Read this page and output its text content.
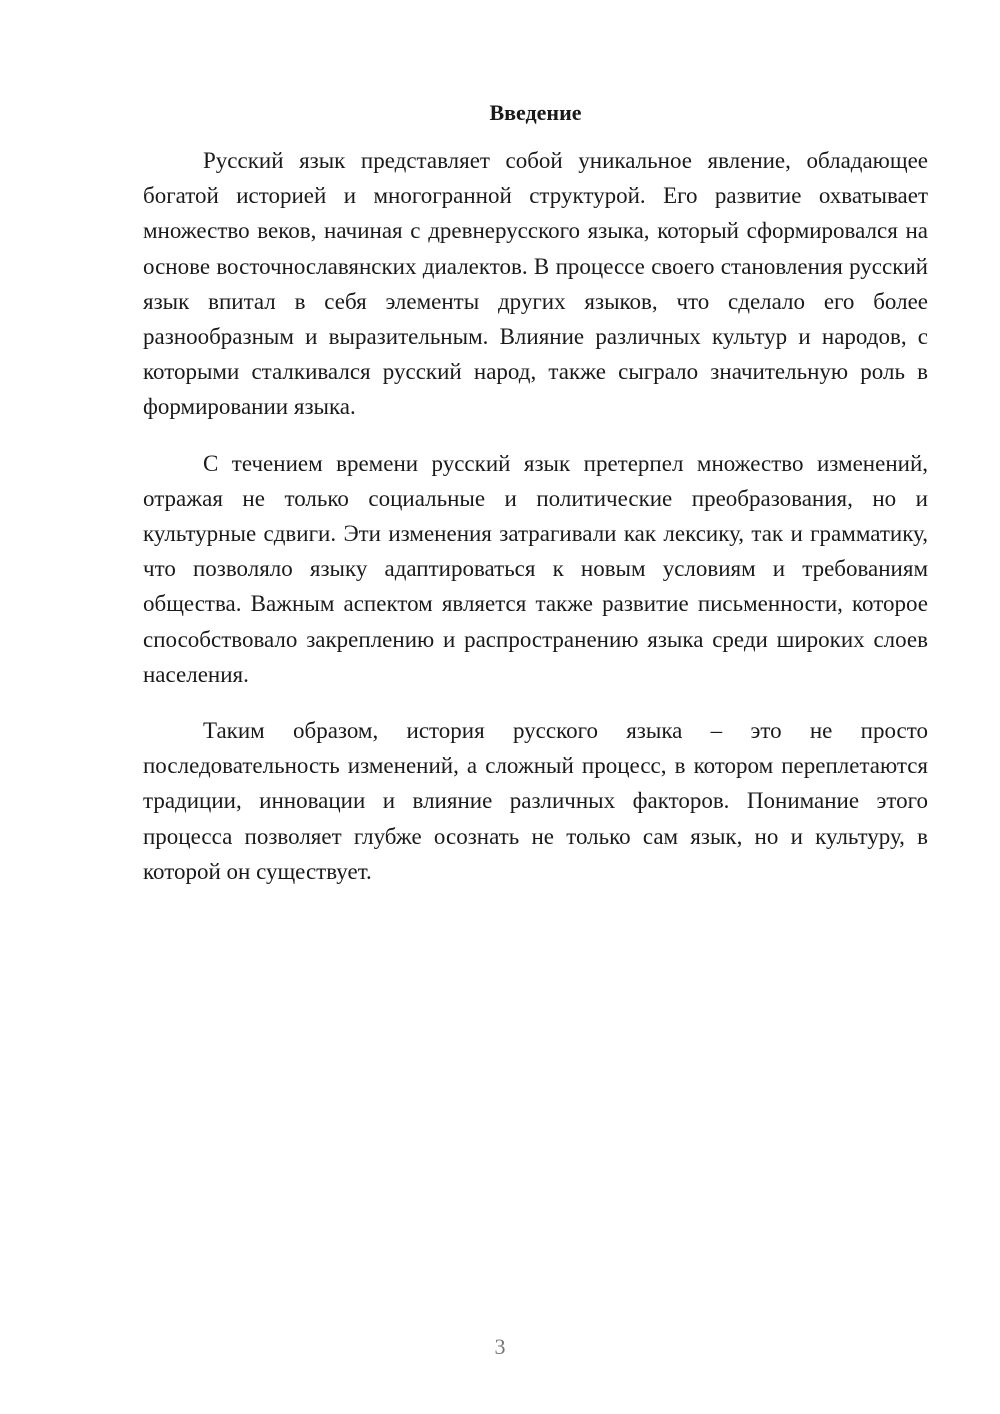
Введение

Русский язык представляет собой уникальное явление, обладающее богатой историей и многогранной структурой. Его развитие охватывает множество веков, начиная с древнерусского языка, который сформировался на основе восточнославянских диалектов. В процессе своего становления русский язык впитал в себя элементы других языков, что сделало его более разнообразным и выразительным. Влияние различных культур и народов, с которыми сталкивался русский народ, также сыграло значительную роль в формировании языка.

С течением времени русский язык претерпел множество изменений, отражая не только социальные и политические преобразования, но и культурные сдвиги. Эти изменения затрагивали как лексику, так и грамматику, что позволяло языку адаптироваться к новым условиям и требованиям общества. Важным аспектом является также развитие письменности, которое способствовало закреплению и распространению языка среди широких слоев населения.

Таким образом, история русского языка – это не просто последовательность изменений, а сложный процесс, в котором переплетаются традиции, инновации и влияние различных факторов. Понимание этого процесса позволяет глубже осознать не только сам язык, но и культуру, в которой он существует.

3
